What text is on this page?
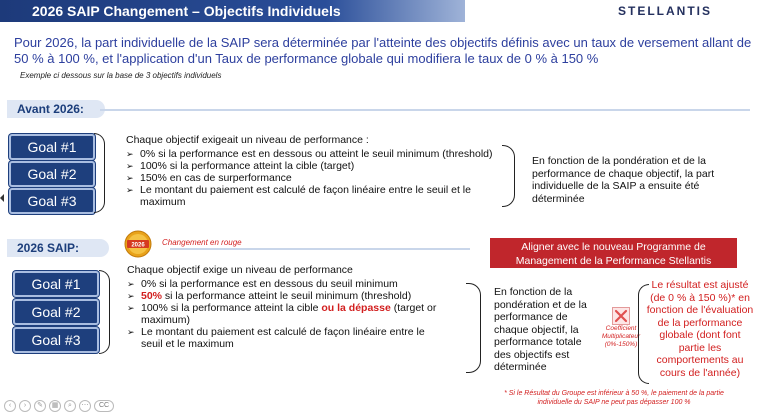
2026 SAIP Changement – Objectifs Individuels	STELLANTIS
Pour 2026, la part individuelle de la SAIP sera déterminée par l'atteinte des objectifs définis avec un taux de versement allant de 50 % à 100 %, et l'application d'un Taux de performance globale qui modifiera le taux de 0 % à 150 %
Exemple ci dessous sur la base de 3 objectifs individuels
Avant 2026:
Goal #1
Goal #2
Goal #3
Chaque objectif exigeait un niveau de performance :
➢ 0% si la performance est en dessous ou atteint le seuil minimum (threshold)
➢ 100% si la performance atteint la cible (target)
➢ 150% en cas de surperformance
➢ Le montant du paiement est calculé de façon linéaire entre le seuil et le maximum
En fonction de la pondération et de la performance de chaque objectif, la part individuelle de la SAIP a ensuite été déterminée
2026 SAIP:	2026 Changement en rouge
Goal #1
Goal #2
Goal #3
Chaque objectif exige un niveau de performance
➢ 0% si la performance est en dessous du seuil minimum
➢ 50% si la performance atteint le seuil minimum (threshold)
➢ 100% si la performance atteint la cible ou la dépasse (target or maximum)
➢ Le montant du paiement est calculé de façon linéaire entre le seuil et le maximum
En fonction de la pondération et de la performance de chaque objectif, la performance totale des objectifs est déterminée
Coefficient Multiplicateur (0%-150%)
Aligner avec le nouveau Programme de Management de la Performance Stellantis
Le résultat est ajusté (de 0 % à 150 %)* en fonction de l'évaluation de la performance globale (dont font partie les comportements au cours de l'année)
* Si le Résultat du Groupe est inférieur à 50 %, le paiement de la partie individuelle du SAIP ne peut pas dépasser 100 %
‹	›	✎	▦	⌕	⋯	CC
